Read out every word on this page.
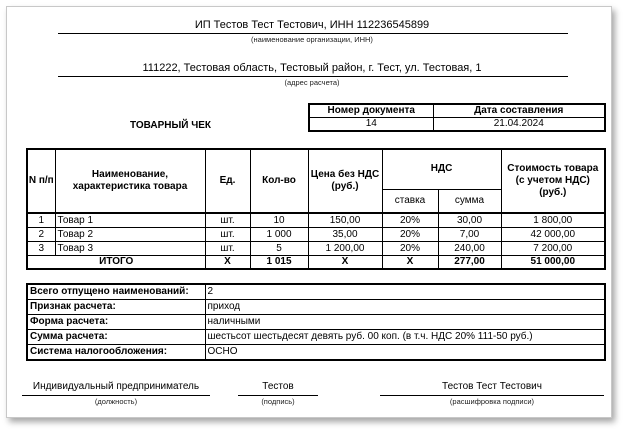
ИП Тестов Тест Тестович, ИНН 112236545899
(наименование организации, ИНН)
111222, Тестовая область, Тестовый район, г. Тест, ул. Тестовая, 1
(адрес расчета)
ТОВАРНЫЙ ЧЕК
Номер документа	Дата составления
14	21.04.2024
N п/п	Наименование, характеристика товара	Ед.	Кол-во	Цена без НДС (руб.)	НДС		Стоимость товара (с учетом НДС) (руб.)
					ставка	сумма	
1	Товар 1	шт.	10	150,00	20%	30,00	1 800,00
2	Товар 2	шт.	1 000	35,00	20%	7,00	42 000,00
3	Товар 3	шт.	5	1 200,00	20%	240,00	7 200,00
ИТОГО		Х	1 015	Х	Х	277,00	51 000,00
Всего отпущено наименований:	2
Признак расчета:	приход
Форма расчета:	наличными
Сумма расчета:	шестьсот шестьдесят девять руб. 00 коп. (в т.ч. НДС 20% 111-50 руб.)
Система налогообложения:	ОСНО
Индивидуальный предприниматель
(должность)
Тестов
(подпись)
Тестов Тест Тестович
(расшифровка подписи)
